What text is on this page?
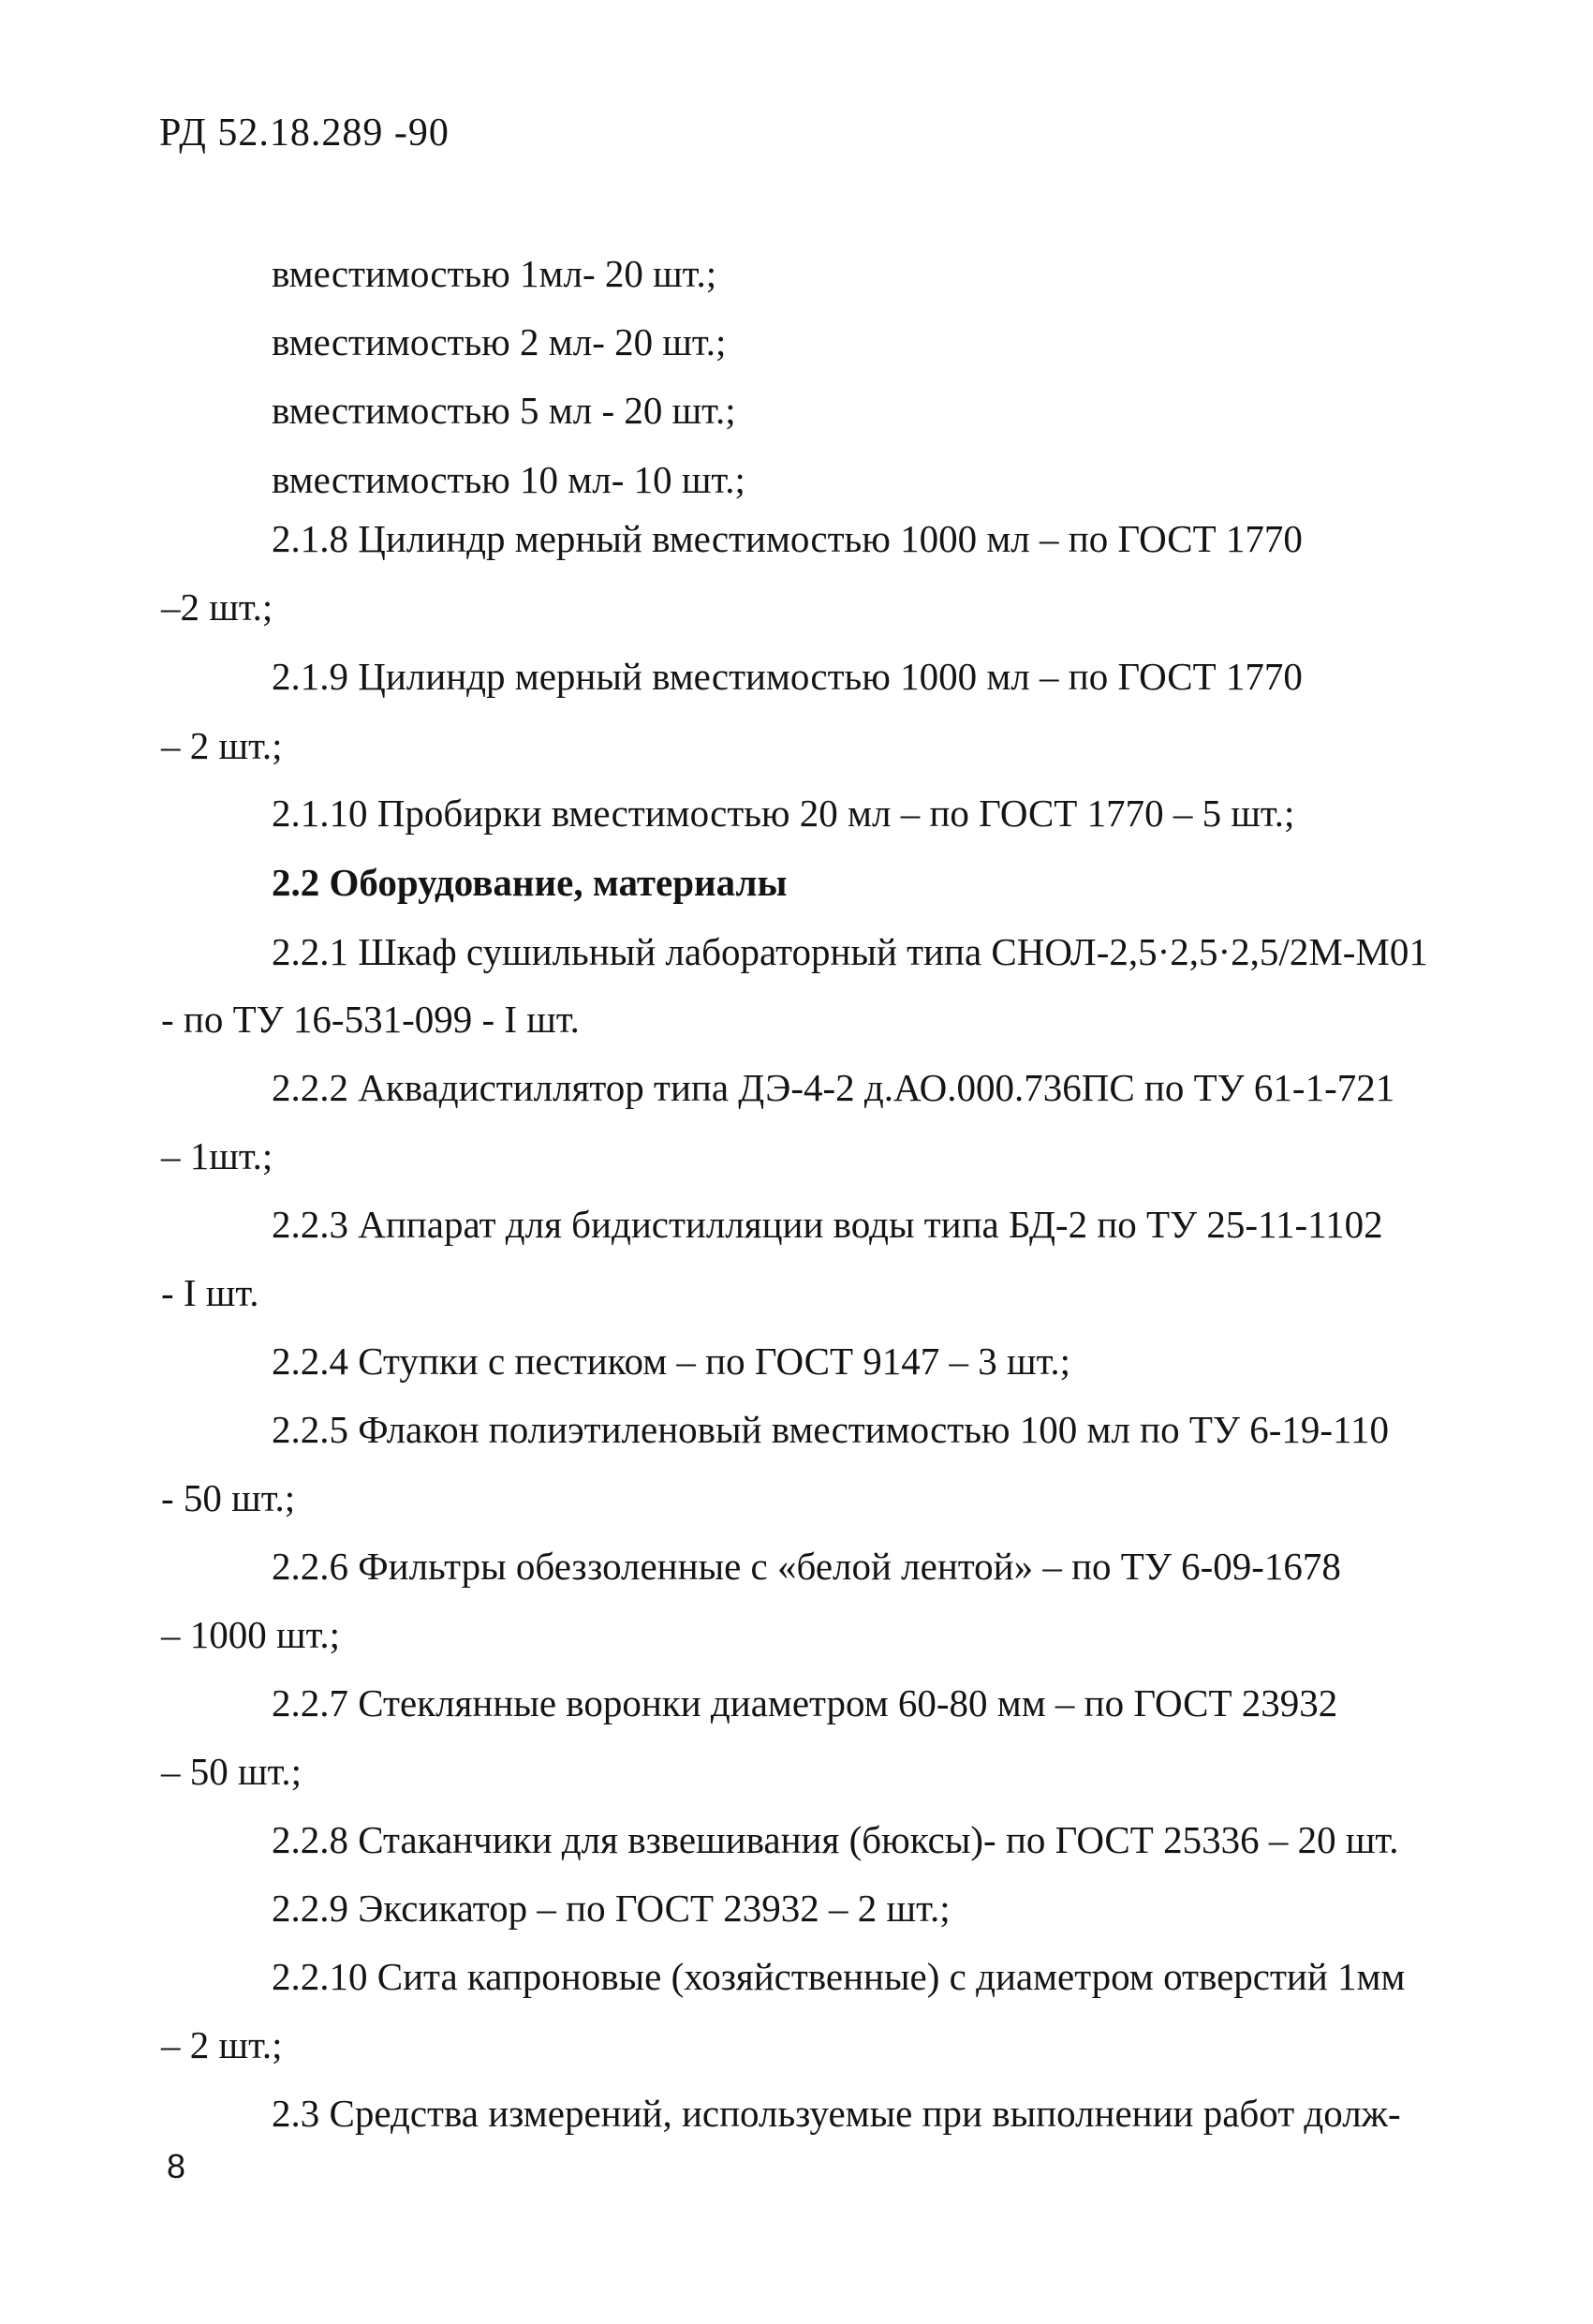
РД 52.18.289 -90
вместимостью 1мл- 20 шт.;
вместимостью 2 мл- 20 шт.;
вместимостью 5 мл - 20 шт.;
вместимостью 10 мл- 10 шт.;
2.1.8 Цилиндр мерный вместимостью 1000 мл – по ГОСТ 1770
–2 шт.;
2.1.9 Цилиндр мерный вместимостью 1000 мл – по ГОСТ 1770
– 2 шт.;
2.1.10 Пробирки вместимостью 20 мл – по ГОСТ 1770 – 5 шт.;
2.2 Оборудование, материалы
2.2.1 Шкаф сушильный лабораторный типа СНОЛ-2,5·2,5·2,5/2М-М01
- по ТУ 16-531-099 - I шт.
2.2.2 Аквадистиллятор типа ДЭ-4-2 д.АО.000.736ПС по ТУ 61-1-721
– 1шт.;
2.2.3 Аппарат для бидистилляции воды типа БД-2 по ТУ 25-11-1102
- I шт.
2.2.4 Ступки с пестиком – по ГОСТ 9147 – 3 шт.;
2.2.5 Флакон полиэтиленовый вместимостью 100 мл по ТУ 6-19-110
- 50 шт.;
2.2.6 Фильтры обеззоленные с «белой лентой» – по ТУ 6-09-1678
– 1000 шт.;
2.2.7 Стеклянные воронки диаметром 60-80 мм – по ГОСТ 23932
– 50 шт.;
2.2.8 Стаканчики для взвешивания (бюксы)- по ГОСТ 25336 – 20 шт.
2.2.9 Эксикатор – по ГОСТ 23932 – 2 шт.;
2.2.10 Сита капроновые (хозяйственные) с диаметром отверстий 1мм
– 2 шт.;
2.3 Средства измерений, используемые при выполнении работ долж-
8
